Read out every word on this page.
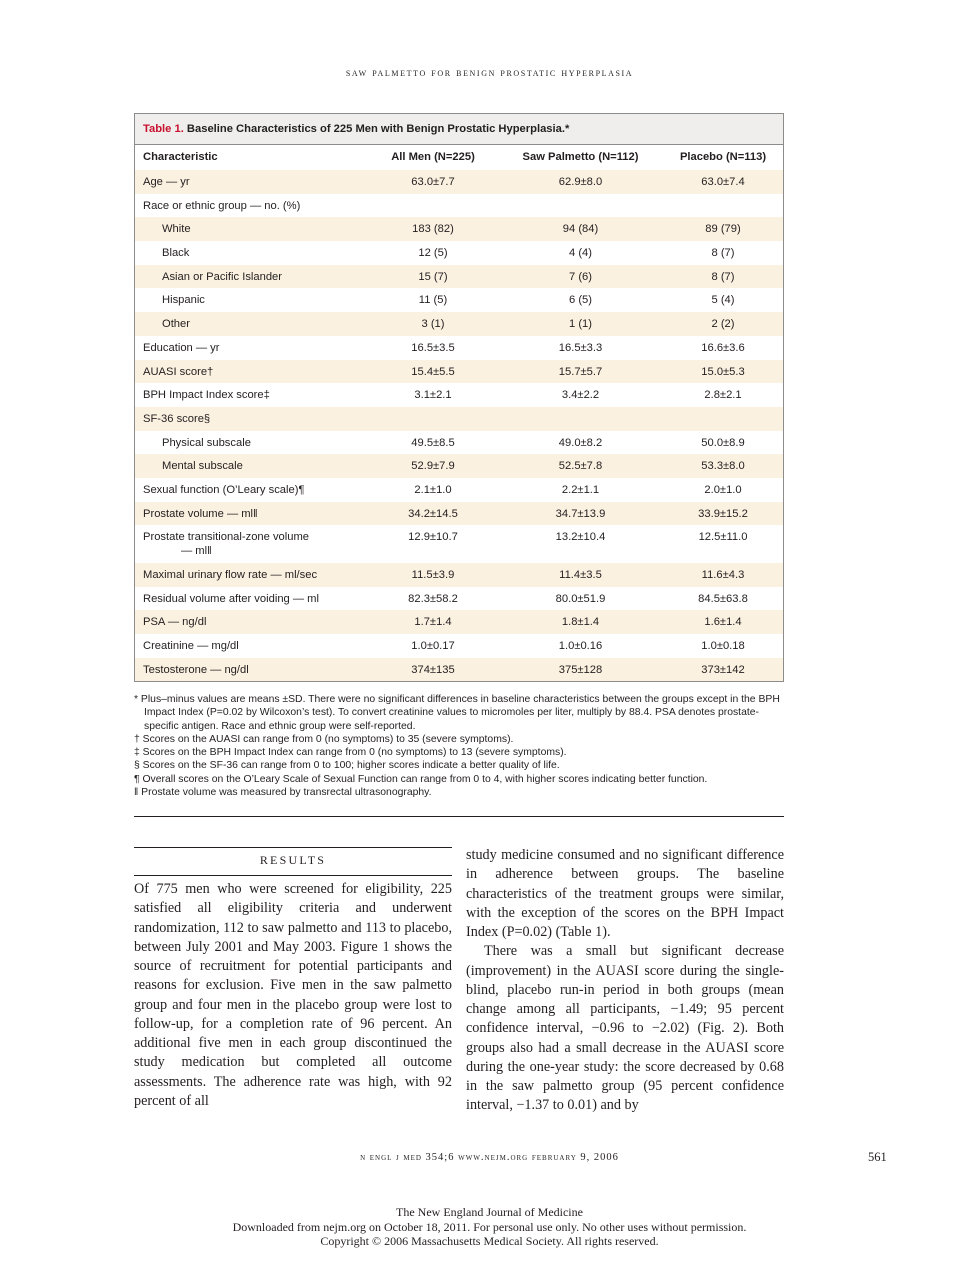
saw palmetto for benign prostatic hyperplasia
Table 1. Baseline Characteristics of 225 Men with Benign Prostatic Hyperplasia.*
Characteristic	All Men (N=225)	Saw Palmetto (N=112)	Placebo (N=113)
Age — yr	63.0±7.7	62.9±8.0	63.0±7.4
Race or ethnic group — no. (%)
White	183 (82)	94 (84)	89 (79)
Black	12 (5)	4 (4)	8 (7)
Asian or Pacific Islander	15 (7)	7 (6)	8 (7)
Hispanic	11 (5)	6 (5)	5 (4)
Other	3 (1)	1 (1)	2 (2)
Education — yr	16.5±3.5	16.5±3.3	16.6±3.6
AUASI score†	15.4±5.5	15.7±5.7	15.0±5.3
BPH Impact Index score‡	3.1±2.1	3.4±2.2	2.8±2.1
SF-36 score§
Physical subscale	49.5±8.5	49.0±8.2	50.0±8.9
Mental subscale	52.9±7.9	52.5±7.8	53.3±8.0
Sexual function (O’Leary scale)¶	2.1±1.0	2.2±1.1	2.0±1.0
Prostate volume — ml‖	34.2±14.5	34.7±13.9	33.9±15.2
Prostate transitional-zone volume
— ml‖
12.9±10.7	13.2±10.4	12.5±11.0
Maximal urinary flow rate — ml/sec	11.5±3.9	11.4±3.5	11.6±4.3
Residual volume after voiding — ml	82.3±58.2	80.0±51.9	84.5±63.8
PSA — ng/dl	1.7±1.4	1.8±1.4	1.6±1.4
Creatinine — mg/dl	1.0±0.17	1.0±0.16	1.0±0.18
Testosterone — ng/dl	374±135	375±128	373±142

* Plus–minus values are means ±SD. There were no significant differences in baseline characteristics between the groups except in the BPH Impact Index (P=0.02 by Wilcoxon’s test). To convert creatinine values to micromoles per liter, multiply by 88.4. PSA denotes prostate-specific antigen. Race and ethnic group were self-reported.

† Scores on the AUASI can range from 0 (no symptoms) to 35 (severe symptoms).

‡ Scores on the BPH Impact Index can range from 0 (no symptoms) to 13 (severe symptoms).

§ Scores on the SF-36 can range from 0 to 100; higher scores indicate a better quality of life.

¶ Overall scores on the O’Leary Scale of Sexual Function can range from 0 to 4, with higher scores indicating better function.

‖ Prostate volume was measured by transrectal ultrasonography.

RESULTS

Of 775 men who were screened for eligibility, 225 satisfied all eligibility criteria and underwent randomization, 112 to saw palmetto and 113 to placebo, between July 2001 and May 2003. Figure 1 shows the source of recruitment for potential participants and reasons for exclusion. Five men in the saw palmetto group and four men in the placebo group were lost to follow-up, for a completion rate of 96 percent. An additional five men in each group discontinued the study medication but completed all outcome assessments. The adherence rate was high, with 92 percent of all

study medicine consumed and no significant difference in adherence between groups. The baseline characteristics of the treatment groups were similar, with the exception of the scores on the BPH Impact Index (P=0.02) (Table 1).

There was a small but significant decrease (improvement) in the AUASI score during the single-blind, placebo run-in period in both groups (mean change among all participants, −1.49; 95 percent confidence interval, −0.96 to −2.02) (Fig. 2). Both groups also had a small decrease in the AUASI score during the one-year study: the score decreased by 0.68 in the saw palmetto group (95 percent confidence interval, −1.37 to 0.01) and by

n engl j med 354;6 www.nejm.org february 9, 2006	561
The New England Journal of Medicine
Downloaded from nejm.org on October 18, 2011. For personal use only. No other uses without permission.
Copyright © 2006 Massachusetts Medical Society. All rights reserved.
